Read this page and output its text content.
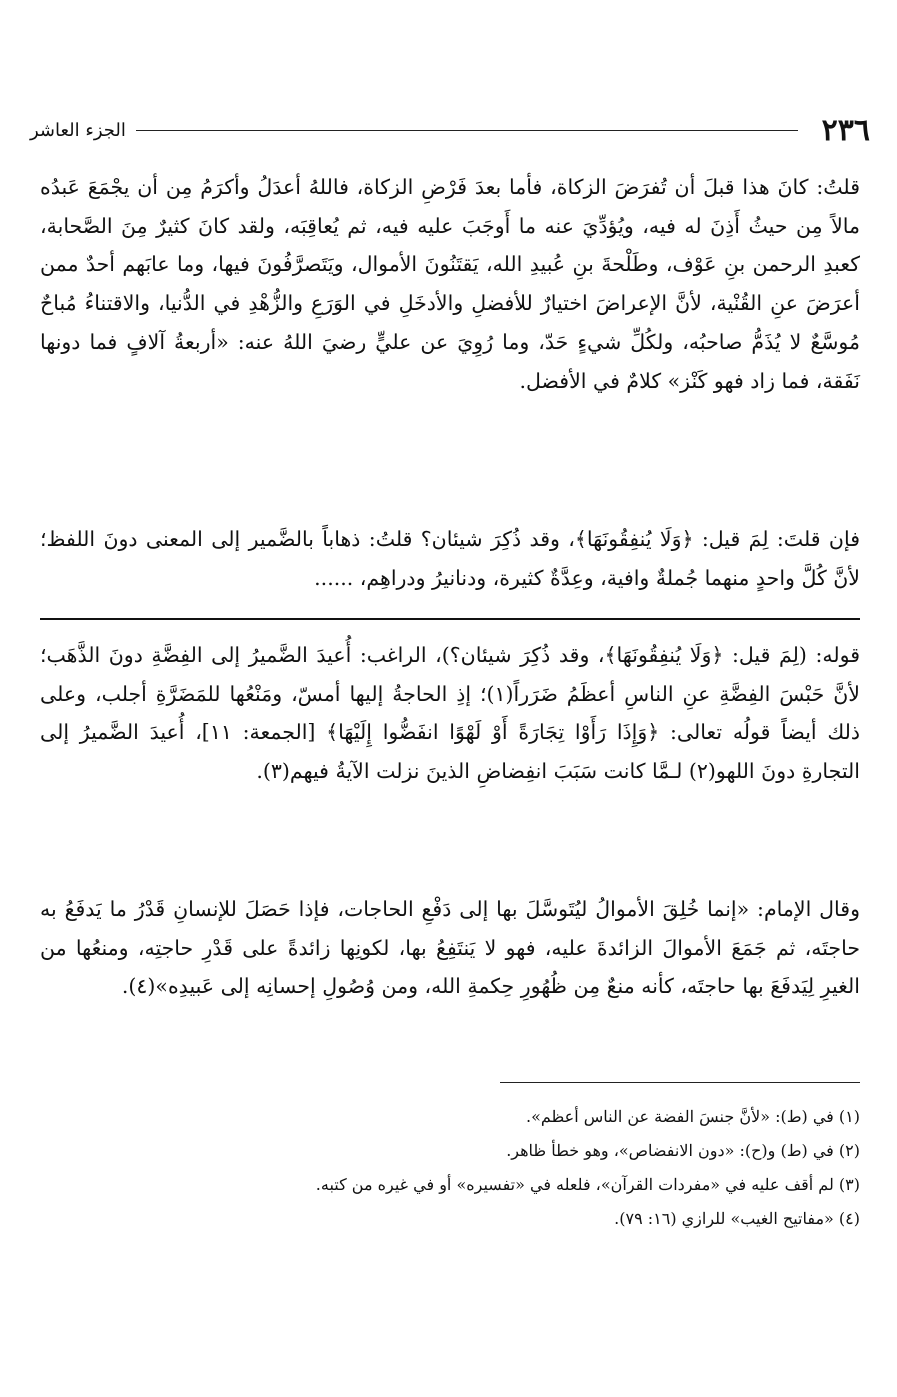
٢٣٦
الجزء العاشر

قلتُ: كانَ هذا قبلَ أن تُفرَضَ الزكاة، فأما بعدَ فَرْضِ الزكاة، فاللهُ أعدَلُ وأكرَمُ مِن أن يجْمَعَ عَبدُه مالاً مِن حيثُ أَذِنَ له فيه، ويُؤدِّيَ عنه ما أَوجَبَ عليه فيه، ثم يُعاقِبَه، ولقد كانَ كثيرٌ مِنَ الصَّحابة، كعبدِ الرحمن بنِ عَوْف، وطَلْحةَ بنِ عُبيدِ الله، يَقتَنُونَ الأموال، ويَتَصرَّفُونَ فيها، وما عابَهم أحدٌ ممن أعرَضَ عنِ القُنْية، لأنَّ الإعراضَ اختيارٌ للأفضلِ والأدخَلِ في الوَرَعِ والزُّهْدِ في الدُّنيا، والاقتناءُ مُباحٌ مُوسَّعٌ لا يُذَمُّ صاحبُه، ولكُلِّ شيءٍ حَدّ، وما رُوِيَ عن عليٍّ رضيَ اللهُ عنه: «أربعةُ آلافٍ فما دونها نَفَقة، فما زاد فهو كَنْز» كلامٌ في الأفضل.

فإن قلتَ: لِمَ قيل: ﴿وَلَا يُنفِقُونَهَا﴾، وقد ذُكِرَ شيئان؟ قلتُ: ذهاباً بالضَّمير إلى المعنى دونَ اللفظ؛ لأنَّ كُلَّ واحدٍ منهما جُملةٌ وافية، وعِدَّةٌ كثيرة، ودنانيرُ ودراهِم، ......

قوله: (لِمَ قيل: ﴿وَلَا يُنفِقُونَهَا﴾، وقد ذُكِرَ شيئان؟)، الراغب: أُعيدَ الضَّميرُ إلى الفِضَّةِ دونَ الذَّهَب؛ لأنَّ حَبْسَ الفِضَّةِ عنِ الناسِ أعظَمُ ضَرَراً(١)؛ إذِ الحاجةُ إليها أمسّ، ومَنْعُها للمَضَرَّةِ أجلب، وعلى ذلك أيضاً قولُه تعالى: ﴿وَإِذَا رَأَوْا تِجَارَةً أَوْ لَهْوًا انفَضُّوا إِلَيْهَا﴾ [الجمعة: ١١]، أُعيدَ الضَّميرُ إلى التجارةِ دونَ اللهو(٢) لـمَّا كانت سَبَبَ انفِضاضِ الذينَ نزلت الآيةُ فيهم(٣).

وقال الإمام: «إنما خُلِقَ الأموالُ ليُتَوسَّلَ بها إلى دَفْعِ الحاجات، فإذا حَصَلَ للإنسانِ قَدْرُ ما يَدفَعُ به حاجتَه، ثم جَمَعَ الأموالَ الزائدةَ عليه، فهو لا يَنتَفِعُ بها، لكونِها زائدةً على قَدْرِ حاجتِه، ومنعُها من الغيرِ لِيَدفَعَ بها حاجتَه، كأنه منعٌ مِن ظُهُورِ حِكمةِ الله، ومن وُصُولِ إحسانِه إلى عَبيدِه»(٤).

(١) في (ط): «لأنَّ جنسَ الفضة عن الناس أعظم».

(٢) في (ط) و(ح): «دون الانفضاص»، وهو خطأ ظاهر.

(٣) لم أقف عليه في «مفردات القرآن»، فلعله في «تفسيره» أو في غيره من كتبه.

(٤) «مفاتيح الغيب» للرازي (١٦: ٧٩).
